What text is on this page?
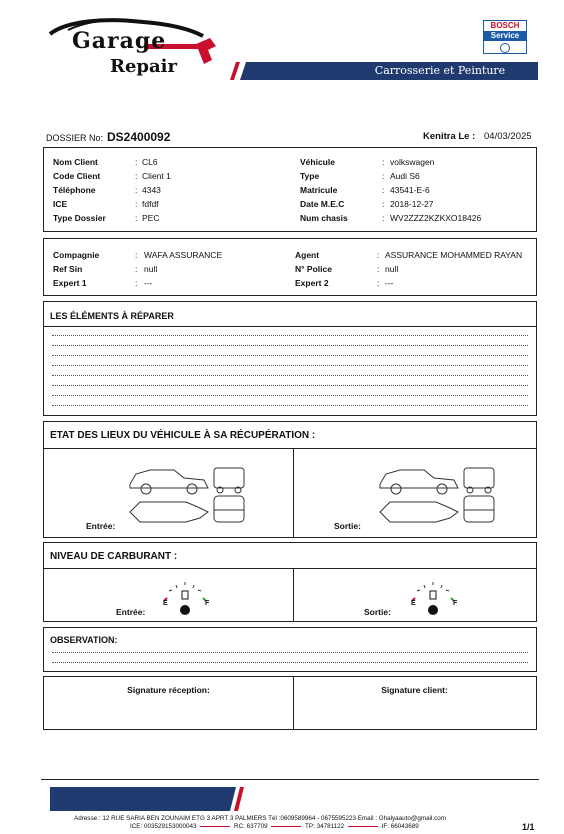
Garage
Repair
BOSCH
Service
Carrosserie et Peinture
DOSSIER No: DS2400092	Kenitra Le : 04/03/2025
Nom Client	: CL6
Code Client	: Client 1
Téléphone	: 4343
ICE	: fdfdf
Type Dossier	: PEC
Véhicule	: volkswagen
Type	: Audi S6
Matricule	: 43541-E-6
Date M.E.C	: 2018-12-27
Num chasis	: WV2ZZZ2KZKXO18426
Compagnie	: WAFA ASSURANCE
Ref Sin	: null
Expert 1	: ---
Agent	: ASSURANCE MOHAMMED RAYAN
N° Police	: null
Expert 2	: ---
LES ÉLÉMENTS À RÉPARER
ETAT DES LIEUX DU VÉHICULE À SA RÉCUPÉRATION :
Entrée:	Sortie:
NIVEAU DE CARBURANT :
E	F
Entrée:
E	F
Sortie:
OBSERVATION:
Signature réception:	Signature client:
Adresse : 12 RUE SARIA BEN ZOUNAIM ETG 3 APRT 3 PALMIERS Tél :0609589964 - 0675595223 Email : Ghalyaauto@gmail.com
ICE: 003529153000043	RC: 637709	TP: 34781122	IF: 66043689	1/1
